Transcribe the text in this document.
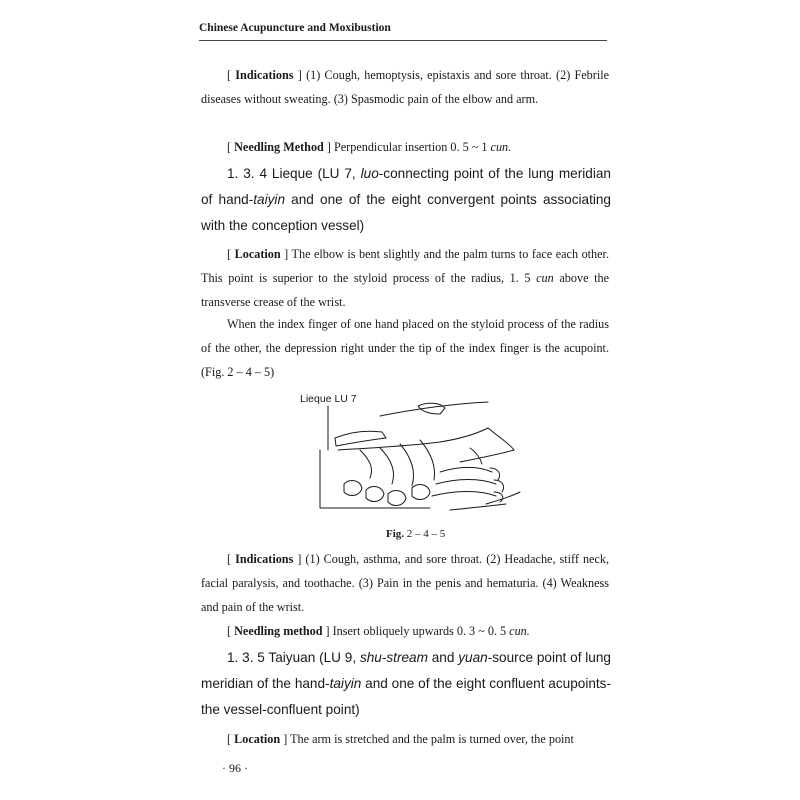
Chinese Acupuncture and Moxibustion
[ Indications ] (1) Cough, hemoptysis, epistaxis and sore throat. (2) Febrile diseases without sweating. (3) Spasmodic pain of the elbow and arm.
[ Needling Method ] Perpendicular insertion 0. 5 ~ 1 cun.
1. 3. 4 Lieque (LU 7, luo-connecting point of the lung meridian of hand-taiyin and one of the eight convergent points associating with the conception vessel)
[ Location ] The elbow is bent slightly and the palm turns to face each other. This point is superior to the styloid process of the radius, 1. 5 cun above the transverse crease of the wrist.
When the index finger of one hand placed on the styloid process of the radius of the other, the depression right under the tip of the index finger is the acupoint. (Fig. 2 – 4 – 5)
Lieque LU 7
Fig. 2 – 4 – 5
[ Indications ] (1) Cough, asthma, and sore throat. (2) Headache, stiff neck, facial paralysis, and toothache. (3) Pain in the penis and hematuria. (4) Weakness and pain of the wrist.
[ Needling method ] Insert obliquely upwards 0. 3 ~ 0. 5 cun.
1. 3. 5 Taiyuan (LU 9, shu-stream and yuan-source point of lung meridian of the hand-taiyin and one of the eight confluent acupoints-the vessel-confluent point)
[ Location ] The arm is stretched and the palm is turned over, the point
· 96 ·
